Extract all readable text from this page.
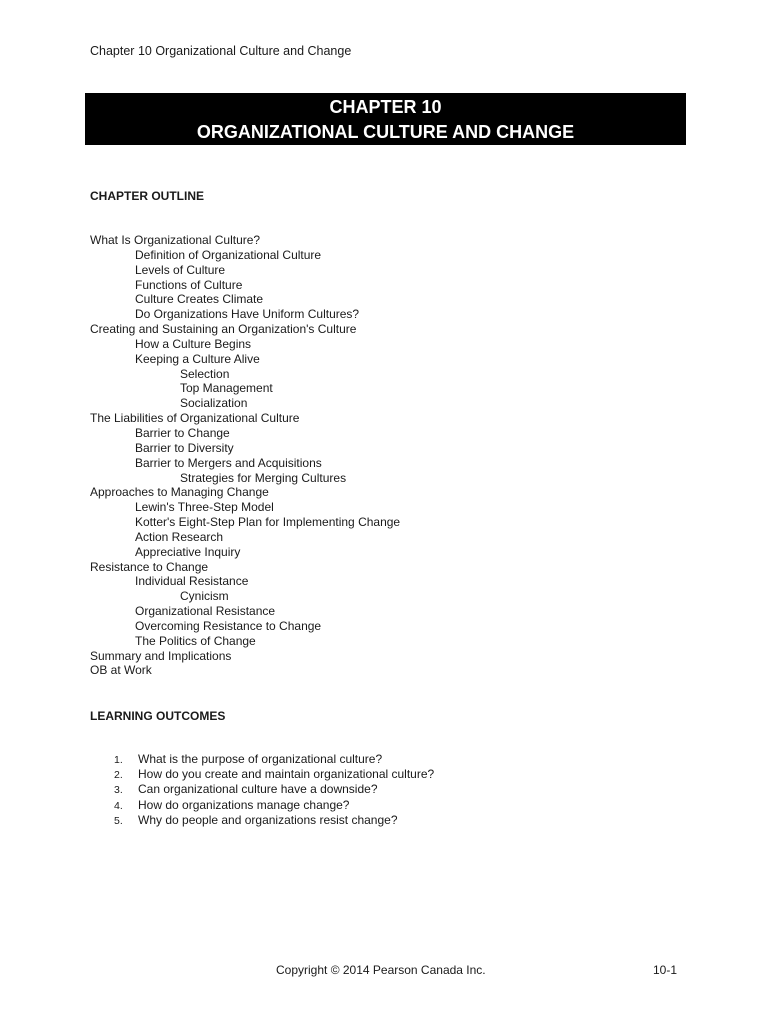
Chapter 10 Organizational Culture and Change
CHAPTER 10
ORGANIZATIONAL CULTURE AND CHANGE
CHAPTER OUTLINE
What Is Organizational Culture?
Definition of Organizational Culture
Levels of Culture
Functions of Culture
Culture Creates Climate
Do Organizations Have Uniform Cultures?
Creating and Sustaining an Organization's Culture
How a Culture Begins
Keeping a Culture Alive
Selection
Top Management
Socialization
The Liabilities of Organizational Culture
Barrier to Change
Barrier to Diversity
Barrier to Mergers and Acquisitions
Strategies for Merging Cultures
Approaches to Managing Change
Lewin's Three-Step Model
Kotter's Eight-Step Plan for Implementing Change
Action Research
Appreciative Inquiry
Resistance to Change
Individual Resistance
Cynicism
Organizational Resistance
Overcoming Resistance to Change
The Politics of Change
Summary and Implications
OB at Work
LEARNING OUTCOMES
1. What is the purpose of organizational culture?
2. How do you create and maintain organizational culture?
3. Can organizational culture have a downside?
4. How do organizations manage change?
5. Why do people and organizations resist change?
Copyright © 2014 Pearson Canada Inc.	10-1
